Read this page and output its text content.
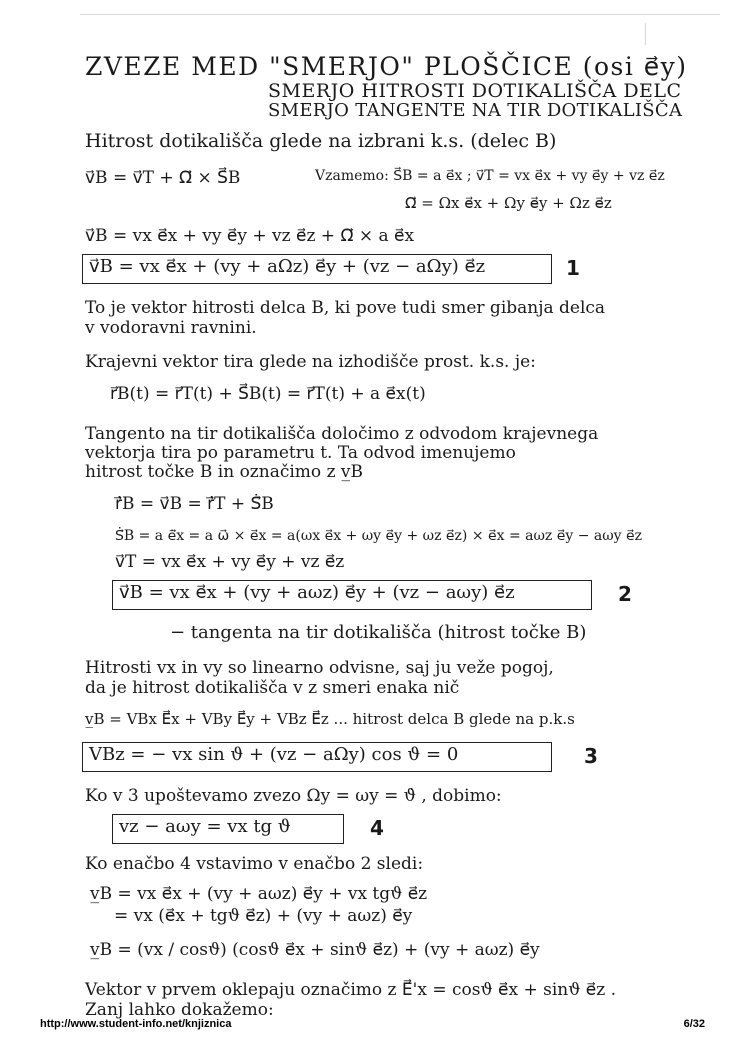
ZVEZE MED "SMERJO" PLOŠČICE (osi e⃗y)
SMERJO HITROSTI DOTIKALIŠČA DELC
SMERJO TANGENTE NA TIR DOTIKALIŠČA
Hitrost dotikališča glede na izbrani k.s. (delec B)
v⃗B = v⃗T + Ω⃗ × S⃗B	Vzamemo: S⃗B = a e⃗x ; v⃗T = vx e⃗x + vy e⃗y + vz e⃗z
Ω⃗ = Ωx e⃗x + Ωy e⃗y + Ωz e⃗z
v⃗B = vx e⃗x + vy e⃗y + vz e⃗z + Ω⃗ × a e⃗x
v⃗B = vx e⃗x + (vy + aΩz) e⃗y + (vz − aΩy) e⃗z	1
To je vektor hitrosti delca B, ki pove tudi smer gibanja delca
v vodoravni ravnini.
Krajevni vektor tira glede na izhodišče prost. k.s. je:
r⃗B(t) = r⃗T(t) + S⃗B(t) = r⃗T(t) + a e⃗x(t)
Tangento na tir dotikališča določimo z odvodom krajevnega
vektorja tira po parametru t. Ta odvod imenujemo
hitrost točke B in označimo z v̲B
ṙ⃗B = v⃗B = ṙ⃗T + Ṡ⃗B
Ṡ⃗B = a ė⃗x = a ω⃗ × e⃗x = a(ωx e⃗x + ωy e⃗y + ωz e⃗z) × e⃗x = aωz e⃗y − aωy e⃗z
v⃗T = vx e⃗x + vy e⃗y + vz e⃗z
v⃗B = vx e⃗x + (vy + aωz) e⃗y + (vz − aωy) e⃗z	2
− tangenta na tir dotikališča (hitrost točke B)
Hitrosti vx in vy so linearno odvisne, saj ju veže pogoj,
da je hitrost dotikališča v z smeri enaka nič
v̲B = VBx E⃗x + VBy E⃗y + VBz E⃗z ... hitrost delca B glede na p.k.s
VBz = − vx sin ϑ + (vz − aΩy) cos ϑ = 0	3
Ko v 3 upoštevamo zvezo Ωy = ωy = ϑ̇ , dobimo:
vz − aωy = vx tg ϑ	4
Ko enačbo 4 vstavimo v enačbo 2 sledi:
v̲B = vx e⃗x + (vy + aωz) e⃗y + vx tgϑ e⃗z
= vx (e⃗x + tgϑ e⃗z) + (vy + aωz) e⃗y
v̲B = (vx / cosϑ) (cosϑ e⃗x + sinϑ e⃗z) + (vy + aωz) e⃗y
Vektor v prvem oklepaju označimo z E⃗'x = cosϑ e⃗x + sinϑ e⃗z .
Zanj lahko dokažemo:
http://www.student-info.net/knjiznica	6/32
